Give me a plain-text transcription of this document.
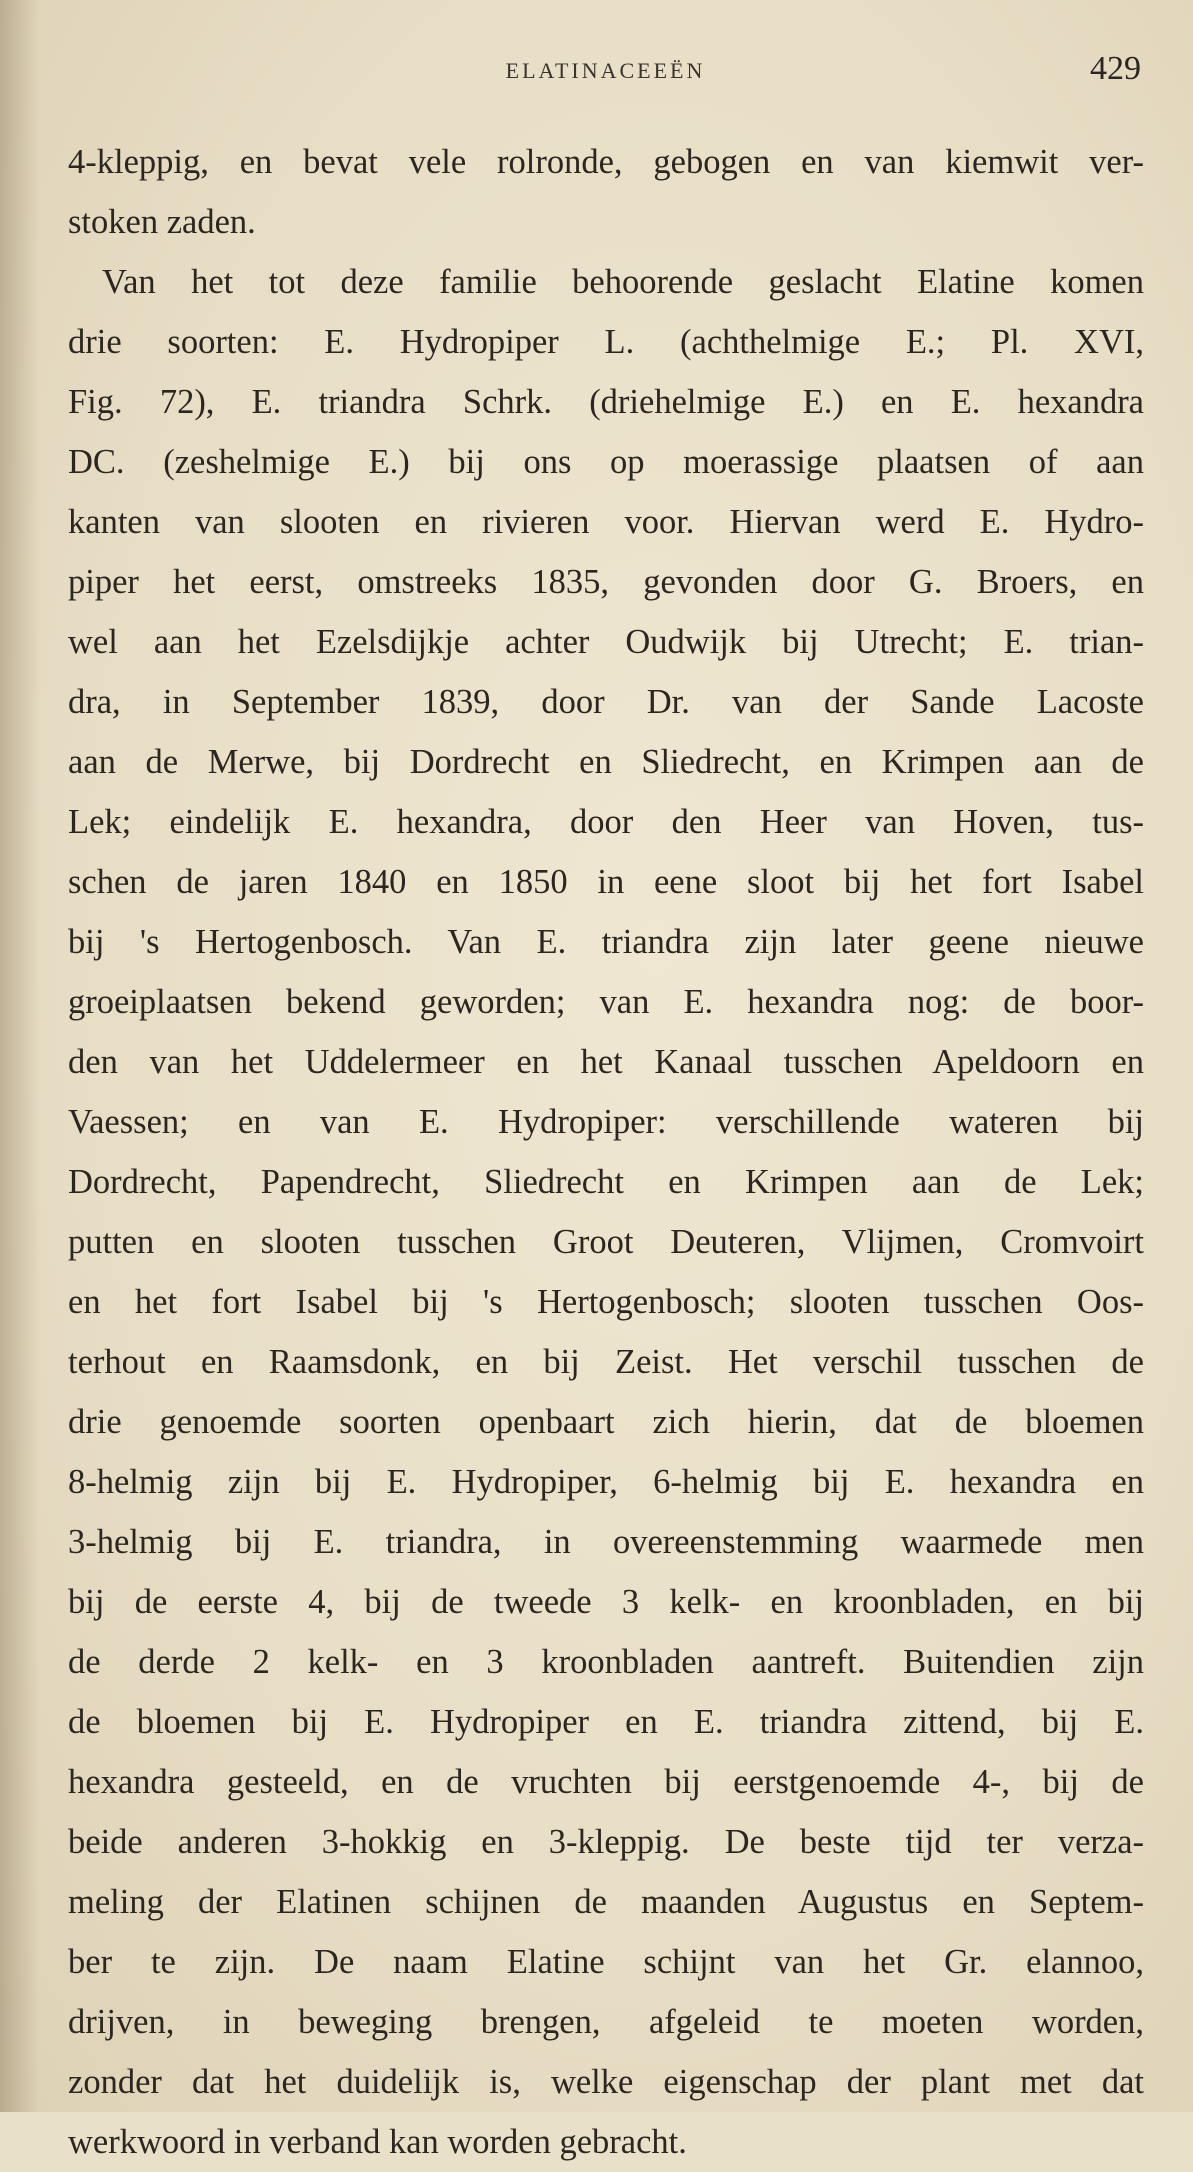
ELATINACEEËN	429
4-kleppig, en bevat vele rolronde, gebogen en van kiemwit ver-
stoken zaden.
Van het tot deze familie behoorende geslacht Elatine komen
drie soorten: E. Hydropiper L. (achthelmige E.; Pl. XVI,
Fig. 72), E. triandra Schrk. (driehelmige E.) en E. hexandra
DC. (zeshelmige E.) bij ons op moerassige plaatsen of aan
kanten van slooten en rivieren voor. Hiervan werd E. Hydro-
piper het eerst, omstreeks 1835, gevonden door G. Broers, en
wel aan het Ezelsdijkje achter Oudwijk bij Utrecht; E. trian-
dra, in September 1839, door Dr. van der Sande Lacoste
aan de Merwe, bij Dordrecht en Sliedrecht, en Krimpen aan de
Lek; eindelijk E. hexandra, door den Heer van Hoven, tus-
schen de jaren 1840 en 1850 in eene sloot bij het fort Isabel
bij 's Hertogenbosch. Van E. triandra zijn later geene nieuwe
groeiplaatsen bekend geworden; van E. hexandra nog: de boor-
den van het Uddelermeer en het Kanaal tusschen Apeldoorn en
Vaessen; en van E. Hydropiper: verschillende wateren bij
Dordrecht, Papendrecht, Sliedrecht en Krimpen aan de Lek;
putten en slooten tusschen Groot Deuteren, Vlijmen, Cromvoirt
en het fort Isabel bij 's Hertogenbosch; slooten tusschen Oos-
terhout en Raamsdonk, en bij Zeist. Het verschil tusschen de
drie genoemde soorten openbaart zich hierin, dat de bloemen
8-helmig zijn bij E. Hydropiper, 6-helmig bij E. hexandra en
3-helmig bij E. triandra, in overeenstemming waarmede men
bij de eerste 4, bij de tweede 3 kelk- en kroonbladen, en bij
de derde 2 kelk- en 3 kroonbladen aantreft. Buitendien zijn
de bloemen bij E. Hydropiper en E. triandra zittend, bij E.
hexandra gesteeld, en de vruchten bij eerstgenoemde 4-, bij de
beide anderen 3-hokkig en 3-kleppig. De beste tijd ter verza-
meling der Elatinen schijnen de maanden Augustus en Septem-
ber te zijn. De naam Elatine schijnt van het Gr. elannoo,
drijven, in beweging brengen, afgeleid te moeten worden,
zonder dat het duidelijk is, welke eigenschap der plant met dat
werkwoord in verband kan worden gebracht.
